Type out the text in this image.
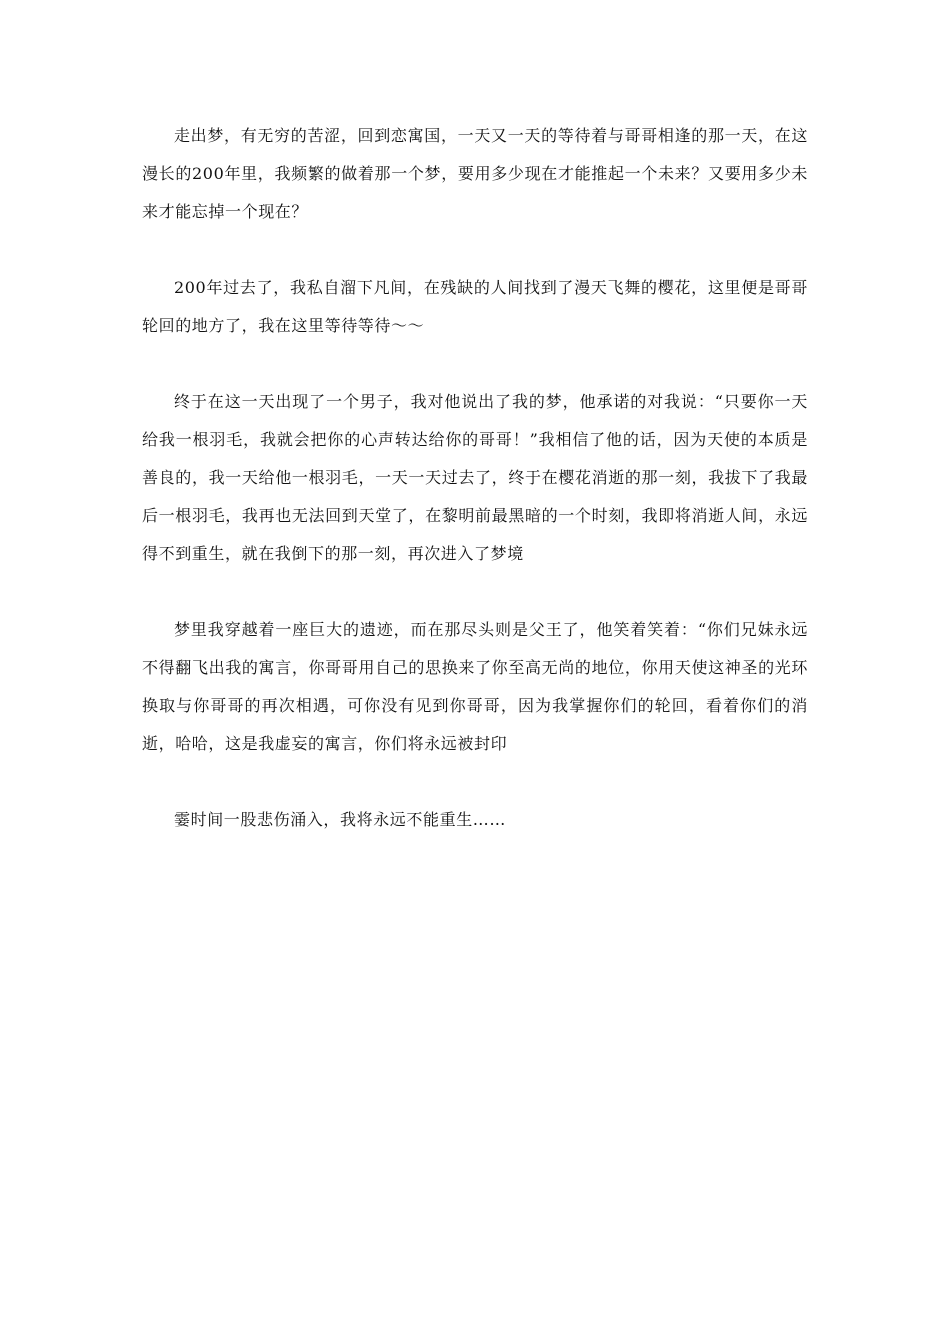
走出梦，有无穷的苦涩，回到恋寓国，一天又一天的等待着与哥哥相逢的那一天，在这漫长的200年里，我频繁的做着那一个梦，要用多少现在才能推起一个未来？又要用多少未来才能忘掉一个现在？

200年过去了，我私自溜下凡间，在残缺的人间找到了漫天飞舞的樱花，这里便是哥哥轮回的地方了，我在这里等待等待～～

终于在这一天出现了一个男子，我对他说出了我的梦，他承诺的对我说：“只要你一天给我一根羽毛，我就会把你的心声转达给你的哥哥！”我相信了他的话，因为天使的本质是善良的，我一天给他一根羽毛，一天一天过去了，终于在樱花消逝的那一刻，我拔下了我最后一根羽毛，我再也无法回到天堂了，在黎明前最黑暗的一个时刻，我即将消逝人间，永远得不到重生，就在我倒下的那一刻，再次进入了梦境

梦里我穿越着一座巨大的遗迹，而在那尽头则是父王了，他笑着笑着：“你们兄妹永远不得翻飞出我的寓言，你哥哥用自己的思换来了你至高无尚的地位，你用天使这神圣的光环换取与你哥哥的再次相遇，可你没有见到你哥哥，因为我掌握你们的轮回，看着你们的消逝，哈哈，这是我虚妄的寓言，你们将永远被封印

霎时间一股悲伤涌入，我将永远不能重生……
